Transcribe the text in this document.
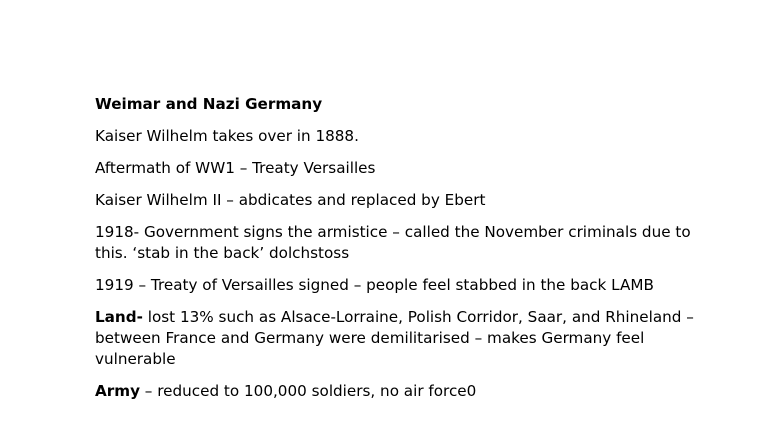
Weimar and Nazi Germany

Kaiser Wilhelm takes over in 1888.

Aftermath of WW1 – Treaty Versailles

Kaiser Wilhelm II – abdicates and replaced by Ebert

1918- Government signs the armistice – called the November criminals due to this. ‘stab in the back’ dolchstoss

1919 – Treaty of Versailles signed – people feel stabbed in the back LAMB

Land- lost 13% such as Alsace-Lorraine, Polish Corridor, Saar, and Rhineland – between France and Germany were demilitarised – makes Germany feel vulnerable

Army – reduced to 100,000 soldiers, no air force0
